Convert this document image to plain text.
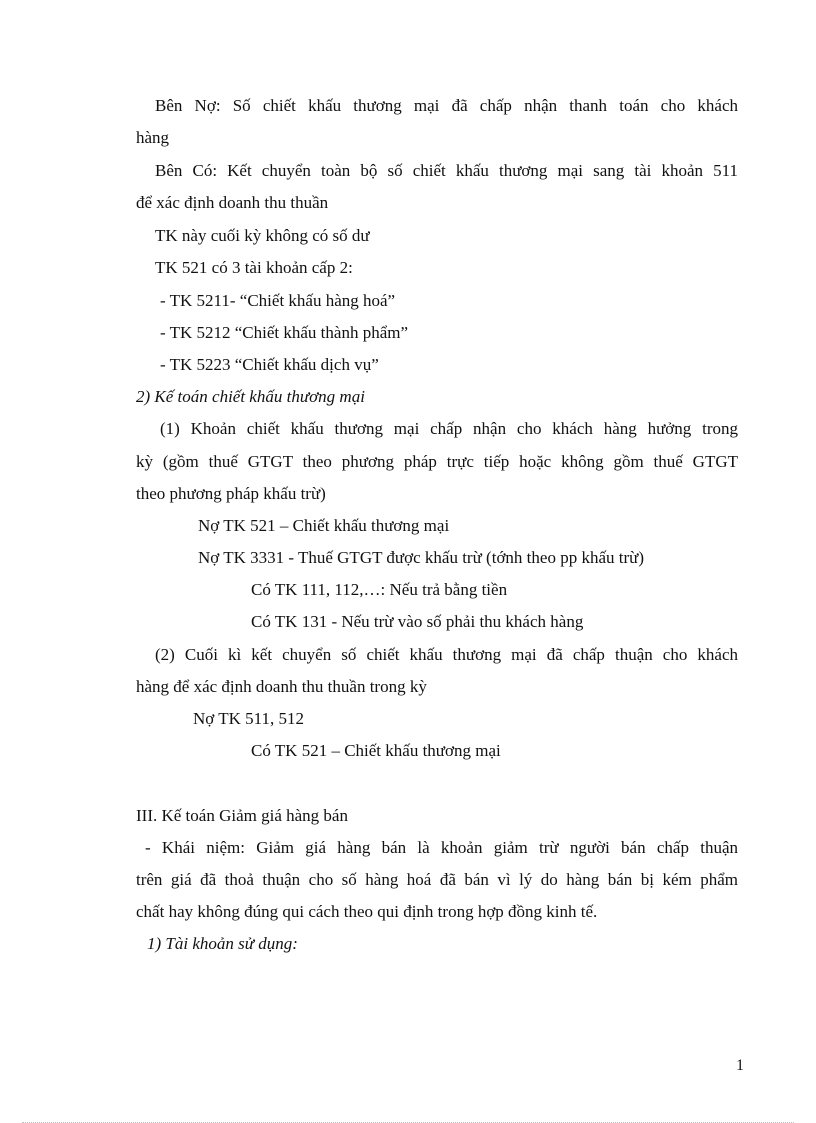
Bên Nợ: Số chiết khấu thương mại đã chấp nhận thanh toán cho khách
hàng
Bên Có: Kết chuyển toàn bộ số chiết khấu thương mại sang tài khoản 511
để xác định doanh thu thuần
TK này cuối kỳ không có số dư
TK 521 có 3 tài khoản cấp 2:
- TK 5211- “Chiết khấu hàng hoá”
- TK 5212 “Chiết khấu thành phẩm”
- TK 5223 “Chiết khấu dịch vụ”
2) Kế toán chiết khấu thương mại
(1) Khoản chiết khấu thương mại chấp nhận cho khách hàng hưởng trong
kỳ (gồm thuế GTGT theo phương pháp trực tiếp hoặc không gồm thuế GTGT
theo phương pháp khấu trừ)
Nợ TK 521 – Chiết khấu thương mại
Nợ TK 3331 - Thuế GTGT được khấu trừ (tớnh theo pp khấu trừ)
Có TK 111, 112,…: Nếu trả bằng tiền
Có TK 131 - Nếu trừ vào số phải thu khách hàng
(2) Cuối kì kết chuyển số chiết khấu thương mại đã chấp thuận cho khách
hàng để xác định doanh thu thuần trong kỳ
Nợ TK 511, 512
Có TK 521 – Chiết khấu thương mại
III. Kế toán Giảm giá hàng bán
- Khái niệm: Giảm giá hàng bán là khoản giảm trừ người bán chấp thuận
trên giá đã thoả thuận cho số hàng hoá đã bán vì lý do hàng bán bị kém phẩm
chất hay không đúng qui cách theo qui định trong hợp đồng kinh tế.
1) Tài khoản sử dụng:
1
